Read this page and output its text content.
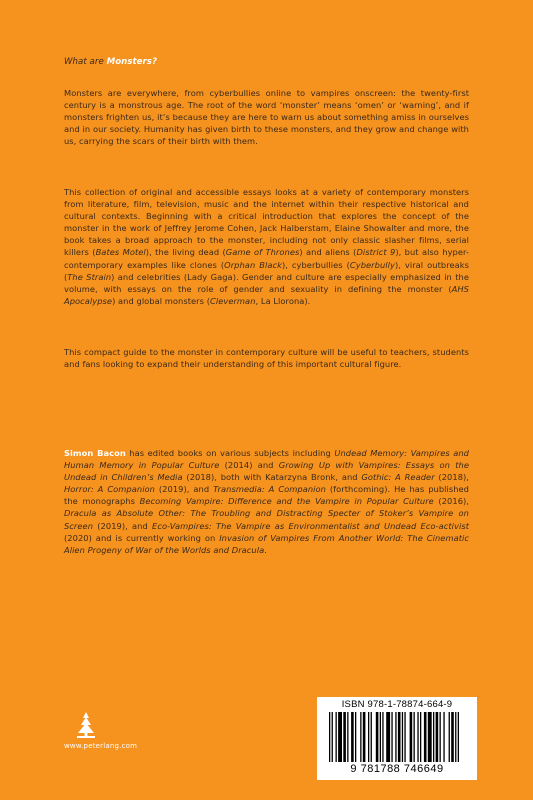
What are Monsters?
Monsters are everywhere, from cyberbullies online to vampires onscreen: the twenty-first century is a monstrous age. The root of the word ‘monster’ means ‘omen’ or ‘warning’, and if monsters frighten us, it’s because they are here to warn us about something amiss in ourselves and in our society. Humanity has given birth to these monsters, and they grow and change with us, carrying the scars of their birth with them.
This collection of original and accessible essays looks at a variety of contemporary monsters from literature, film, television, music and the internet within their respective historical and cultural contexts. Beginning with a critical introduction that explores the concept of the monster in the work of Jeffrey Jerome Cohen, Jack Halberstam, Elaine Showalter and more, the book takes a broad approach to the monster, including not only classic slasher films, serial killers (Bates Motel), the living dead (Game of Thrones) and aliens (District 9), but also hyper-contemporary examples like clones (Orphan Black), cyberbullies (Cyberbully), viral outbreaks (The Strain) and celebrities (Lady Gaga). Gender and culture are especially emphasized in the volume, with essays on the role of gender and sexuality in defining the monster (AHS Apocalypse) and global monsters (Cleverman, La Llorona).
This compact guide to the monster in contemporary culture will be useful to teachers, students and fans looking to expand their understanding of this important cultural figure.
Simon Bacon has edited books on various subjects including Undead Memory: Vampires and Human Memory in Popular Culture (2014) and Growing Up with Vampires: Essays on the Undead in Children’s Media (2018), both with Katarzyna Bronk, and Gothic: A Reader (2018), Horror: A Companion (2019), and Transmedia: A Companion (forthcoming). He has published the monographs Becoming Vampire: Difference and the Vampire in Popular Culture (2016), Dracula as Absolute Other: The Troubling and Distracting Specter of Stoker’s Vampire on Screen (2019), and Eco-Vampires: The Vampire as Environmentalist and Undead Eco-activist (2020) and is currently working on Invasion of Vampires From Another World: The Cinematic Alien Progeny of War of the Worlds and Dracula.
www.peterlang.com
ISBN 978-1-78874-664-9
9 781788 746649
